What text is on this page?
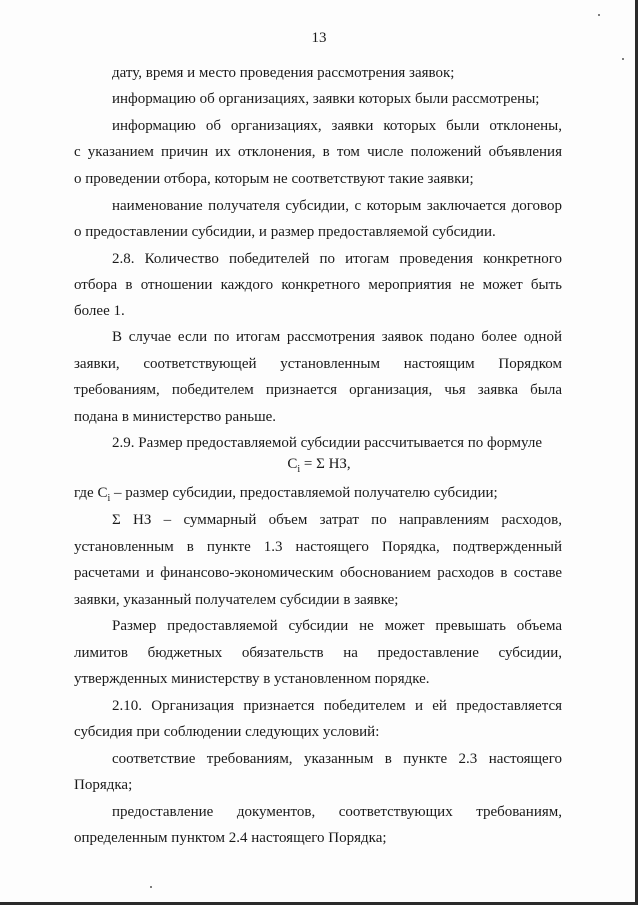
13
дату, время и место проведения рассмотрения заявок;
информацию об организациях, заявки которых были рассмотрены;
информацию об организациях, заявки которых были отклонены,
с указанием причин их отклонения, в том числе положений объявления
о проведении отбора, которым не соответствуют такие заявки;
наименование получателя субсидии, с которым заключается договор
о предоставлении субсидии, и размер предоставляемой субсидии.
2.8. Количество победителей по итогам проведения конкретного
отбора в отношении каждого конкретного мероприятия не может быть
более 1.
В случае если по итогам рассмотрения заявок подано более одной
заявки, соответствующей установленным настоящим Порядком
требованиям, победителем признается организация, чья заявка была
подана в министерство раньше.
2.9. Размер предоставляемой субсидии рассчитывается по формуле
$С_i = \Sigma$ НЗ,
где $С_i$ – размер субсидии, предоставляемой получателю субсидии;
Σ НЗ – суммарный объем затрат по направлениям расходов,
установленным в пункте 1.3 настоящего Порядка, подтвержденный
расчетами и финансово-экономическим обоснованием расходов в составе
заявки, указанный получателем субсидии в заявке;
Размер предоставляемой субсидии не может превышать объема
лимитов бюджетных обязательств на предоставление субсидии,
утвержденных министерству в установленном порядке.
2.10. Организация признается победителем и ей предоставляется
субсидия при соблюдении следующих условий:
соответствие требованиям, указанным в пункте 2.3 настоящего
Порядка;
предоставление документов, соответствующих требованиям,
определенным пунктом 2.4 настоящего Порядка;
